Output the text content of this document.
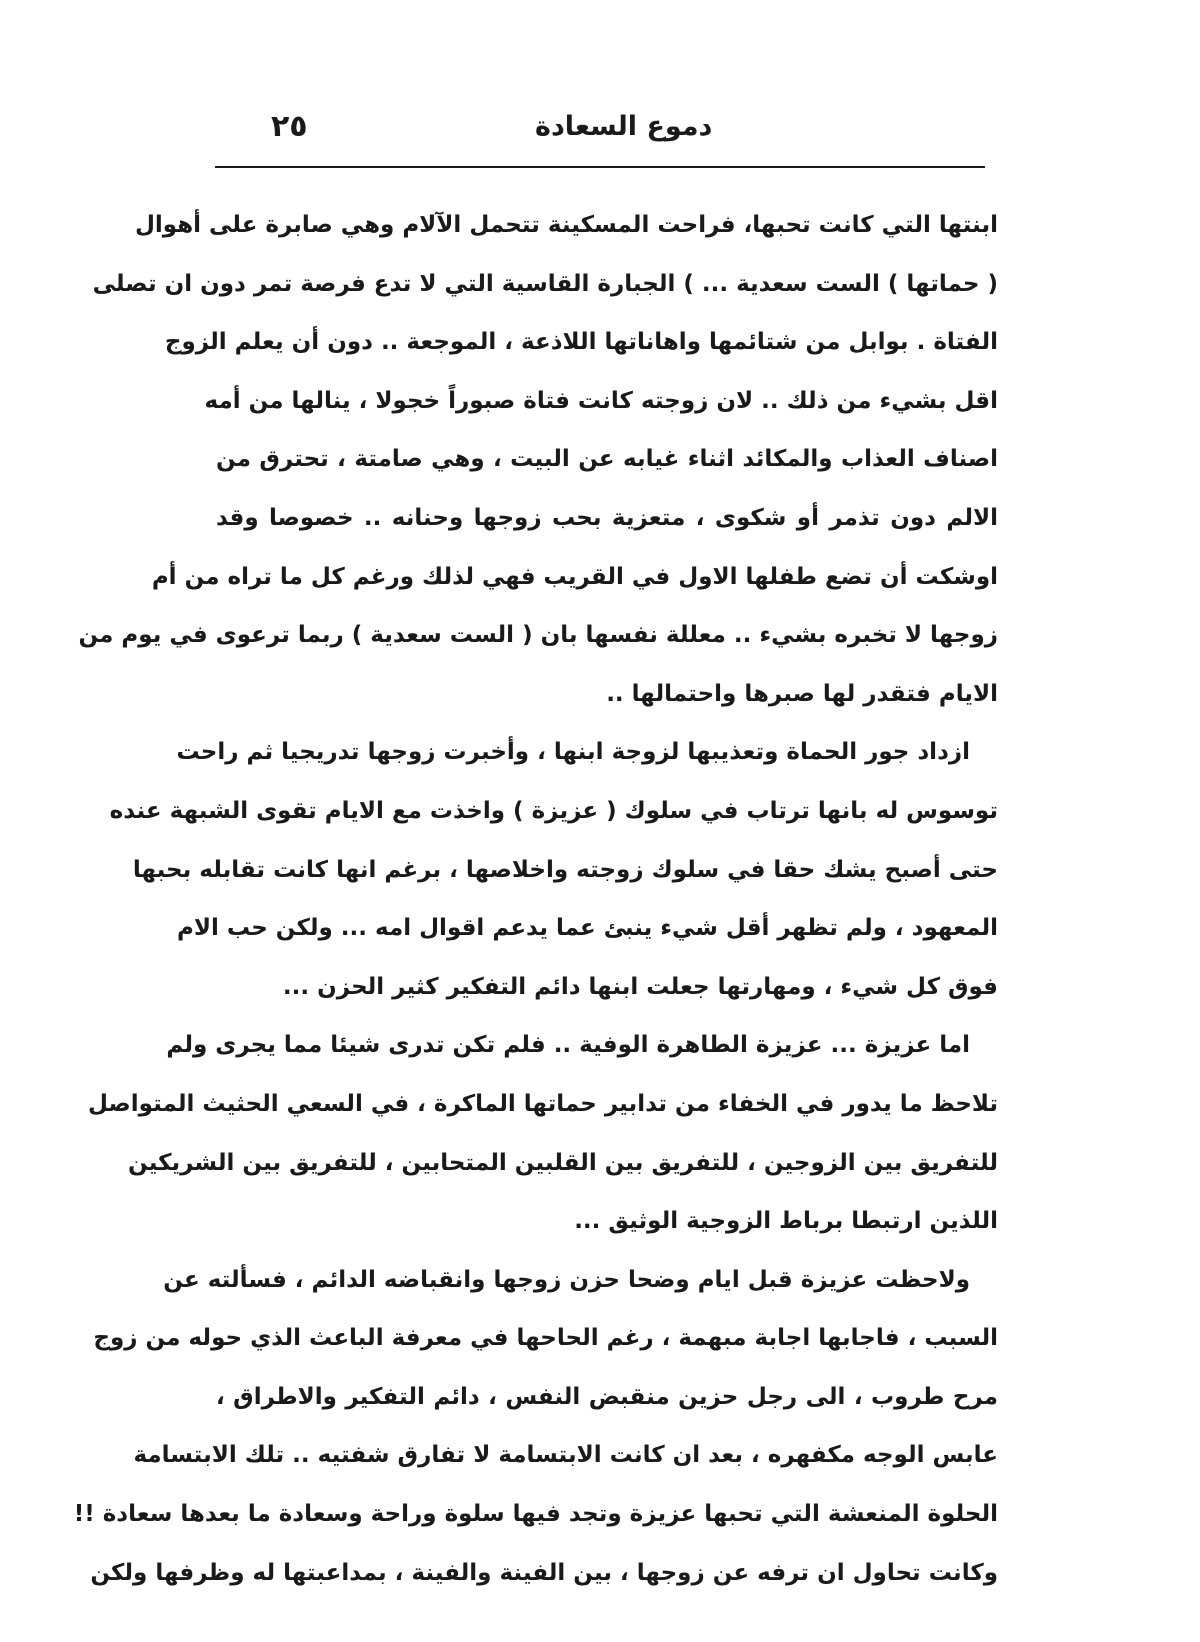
٢٥	دموع السعادة
ابنتها التي كانت تحبها، فراحت المسكينة تتحمل الآلام وهي صابرة على أهوال
( حماتها ) الست سعدية ... ) الجبارة القاسية التي لا تدع فرصة تمر دون ان تصلى
الفتاة . بوابل من شتائمها واهاناتها اللاذعة ، الموجعة .. دون أن يعلم الزوج
اقل بشيء من ذلك .. لان زوجته كانت فتاة صبوراً خجولا ، ينالها من أمه
اصناف العذاب والمكائد اثناء غيابه عن البيت ، وهي صامتة ، تحترق من
الالم دون تذمر أو شكوى ، متعزية بحب زوجها وحنانه .. خصوصا وقد
اوشكت أن تضع طفلها الاول في القريب فهي لذلك ورغم كل ما تراه من أم
زوجها لا تخبره بشيء .. معللة نفسها بان ( الست سعدية ) ربما ترعوى في يوم من
الايام فتقدر لها صبرها واحتمالها ..
ازداد جور الحماة وتعذيبها لزوجة ابنها ، وأخبرت زوجها تدريجيا ثم راحت
توسوس له بانها ترتاب في سلوك ( عزيزة ) واخذت مع الايام تقوى الشبهة عنده
حتى أصبح يشك حقا في سلوك زوجته واخلاصها ، برغم انها كانت تقابله بحبها
المعهود ، ولم تظهر أقل شيء ينبئ عما يدعم اقوال امه ... ولكن حب الام
فوق كل شيء ، ومهارتها جعلت ابنها دائم التفكير كثير الحزن ...
اما عزيزة ... عزيزة الطاهرة الوفية .. فلم تكن تدرى شيئا مما يجرى ولم
تلاحظ ما يدور في الخفاء من تدابير حماتها الماكرة ، في السعي الحثيث المتواصل
للتفريق بين الزوجين ، للتفريق بين القلبين المتحابين ، للتفريق بين الشريكين
اللذين ارتبطا برباط الزوجية الوثيق ...
ولاحظت عزيزة قبل ايام وضحا حزن زوجها وانقباضه الدائم ، فسألته عن
السبب ، فاجابها اجابة مبهمة ، رغم الحاحها في معرفة الباعث الذي حوله من زوج
مرح طروب ، الى رجل حزين منقبض النفس ، دائم التفكير والاطراق ،
عابس الوجه مكفهره ، بعد ان كانت الابتسامة لا تفارق شفتيه .. تلك الابتسامة
الحلوة المنعشة التي تحبها عزيزة وتجد فيها سلوة وراحة وسعادة ما بعدها سعادة !!
وكانت تحاول ان ترفه عن زوجها ، بين الفينة والفينة ، بمداعبتها له وظرفها ولكن
